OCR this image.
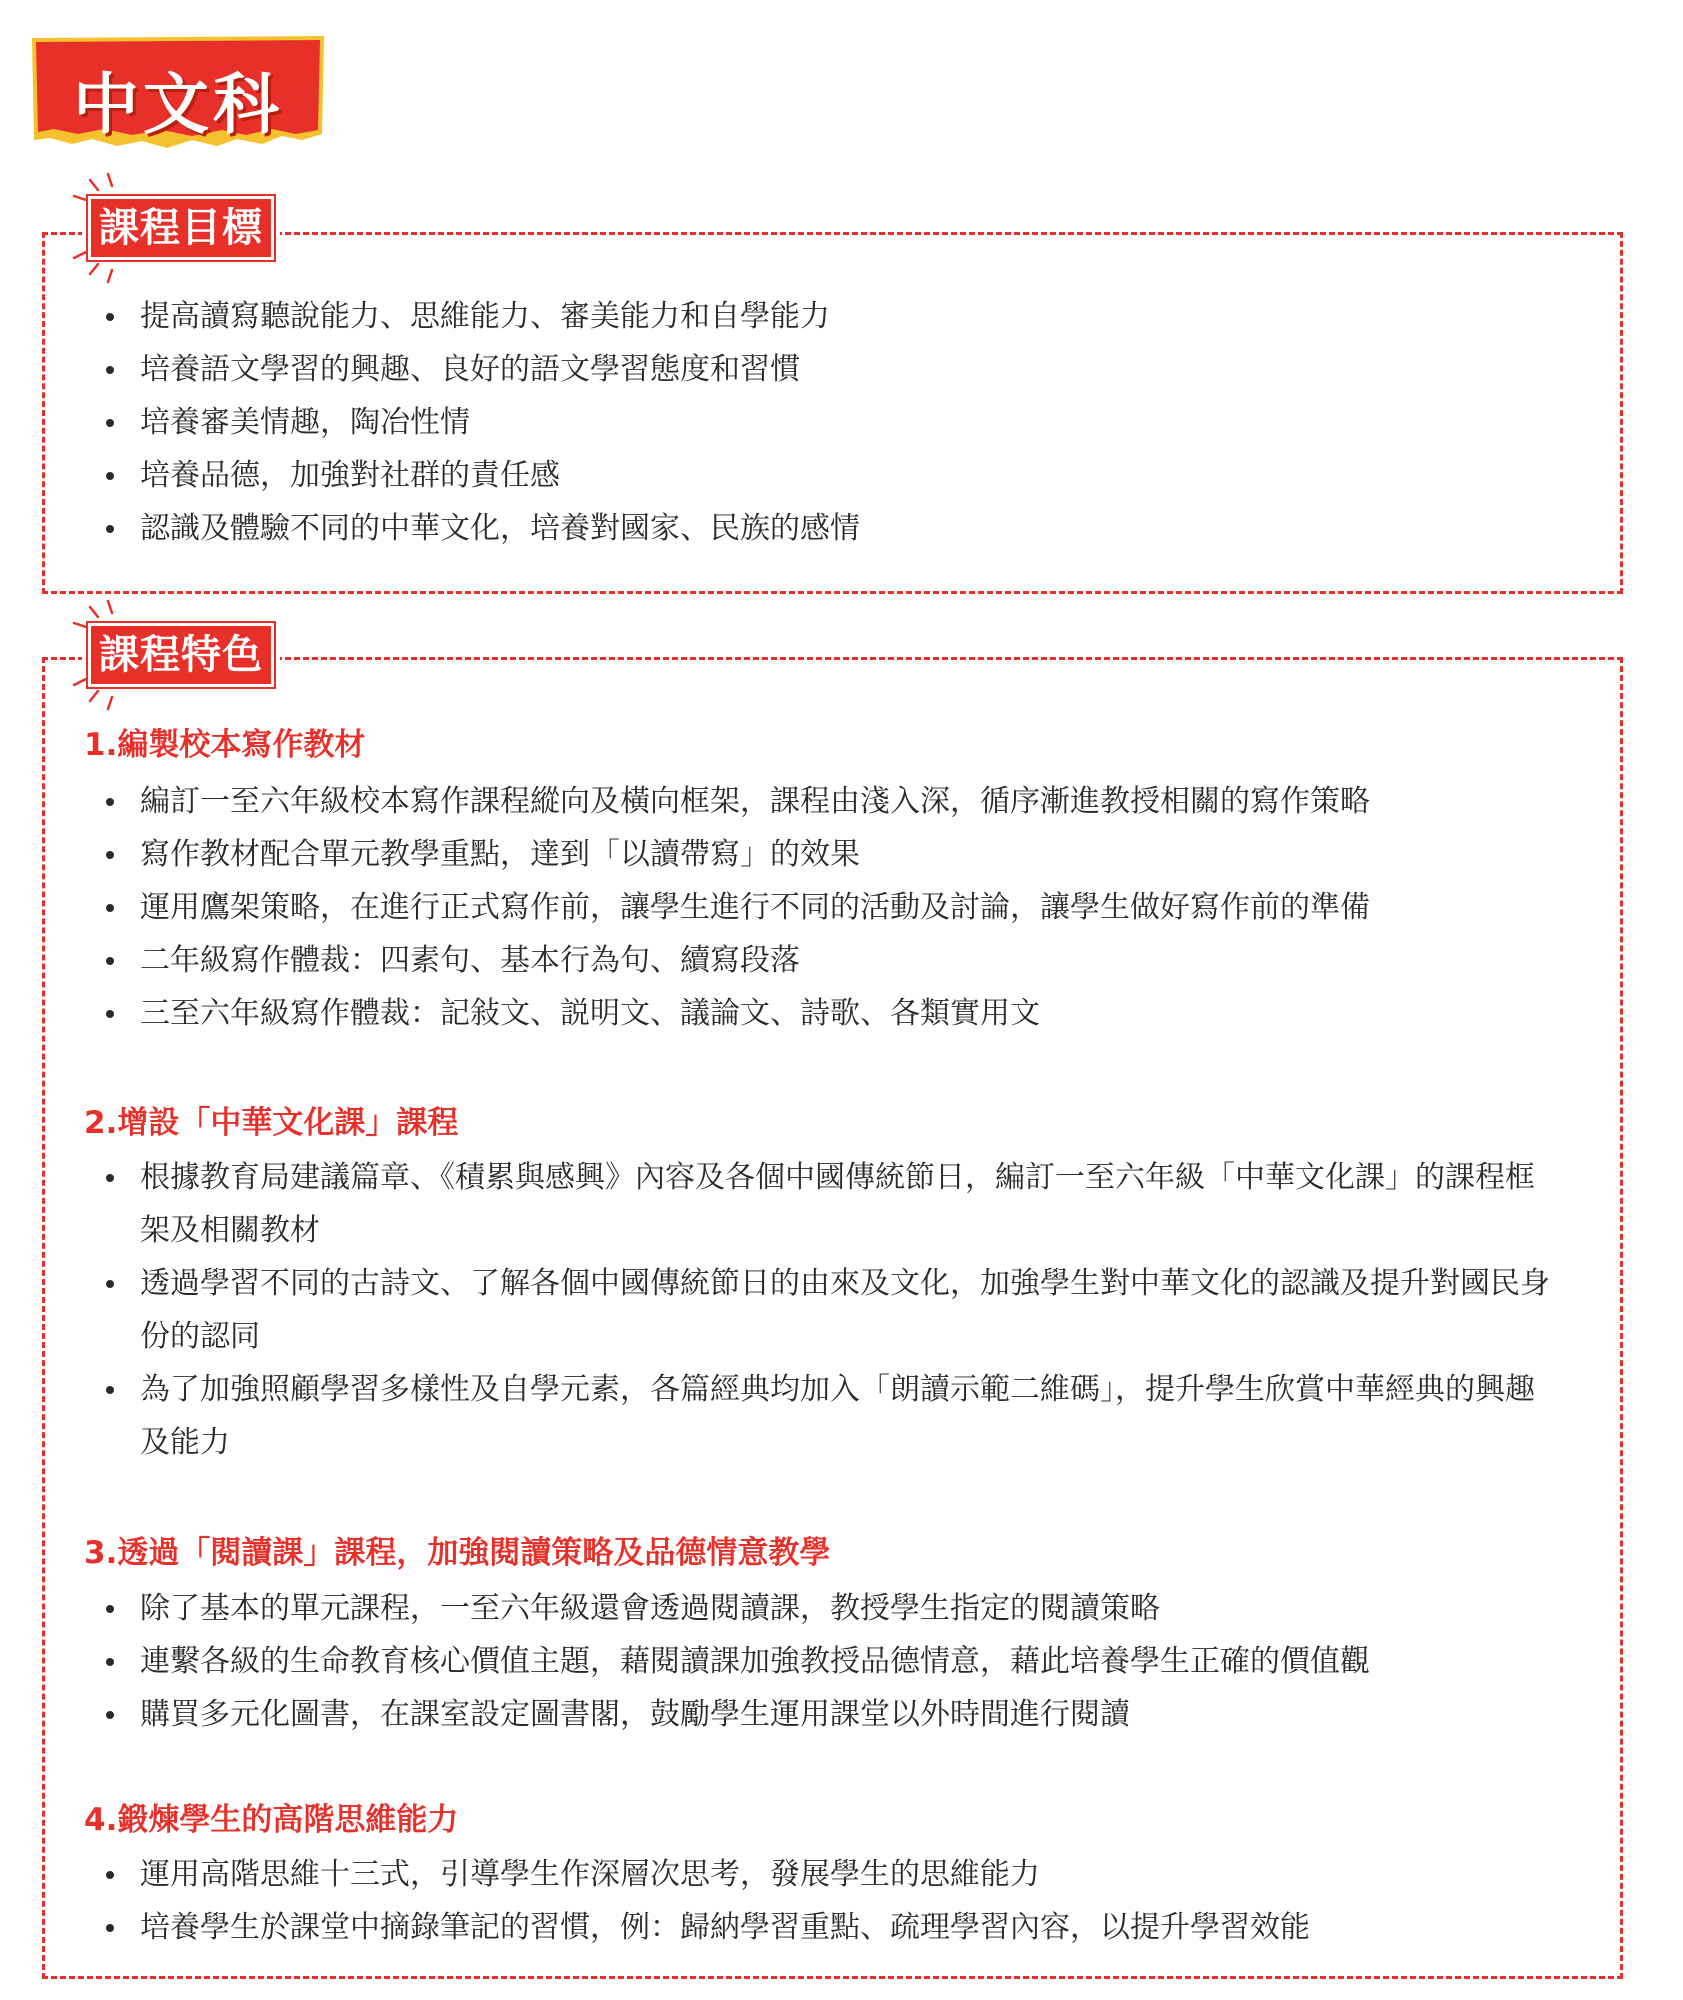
中文科
課程目標
提高讀寫聽說能力、思維能力、審美能力和自學能力
培養語文學習的興趣、良好的語文學習態度和習慣
培養審美情趣，陶冶性情
培養品德，加強對社群的責任感
認識及體驗不同的中華文化，培養對國家、民族的感情
課程特色
1.編製校本寫作教材
編訂一至六年級校本寫作課程縱向及橫向框架，課程由淺入深，循序漸進教授相關的寫作策略
寫作教材配合單元教學重點，達到「以讀帶寫」的效果
運用鷹架策略，在進行正式寫作前，讓學生進行不同的活動及討論，讓學生做好寫作前的準備
二年級寫作體裁：四素句、基本行為句、續寫段落
三至六年級寫作體裁：記敍文、説明文、議論文、詩歌、各類實用文
2.增設「中華文化課」課程
根據教育局建議篇章、《積累與感興》內容及各個中國傳統節日，編訂一至六年級「中華文化課」的課程框架及相關教材
透過學習不同的古詩文、了解各個中國傳統節日的由來及文化，加強學生對中華文化的認識及提升對國民身份的認同
為了加強照顧學習多樣性及自學元素，各篇經典均加入「朗讀示範二維碼」，提升學生欣賞中華經典的興趣及能力
3.透過「閱讀課」課程，加強閱讀策略及品德情意教學
除了基本的單元課程，一至六年級還會透過閱讀課，教授學生指定的閱讀策略
連繫各級的生命教育核心價值主題，藉閱讀課加強教授品德情意，藉此培養學生正確的價值觀
購買多元化圖書，在課室設定圖書閣，鼓勵學生運用課堂以外時間進行閱讀
4.鍛煉學生的高階思維能力
運用高階思維十三式，引導學生作深層次思考，發展學生的思維能力
培養學生於課堂中摘錄筆記的習慣，例：歸納學習重點、疏理學習內容，以提升學習效能
